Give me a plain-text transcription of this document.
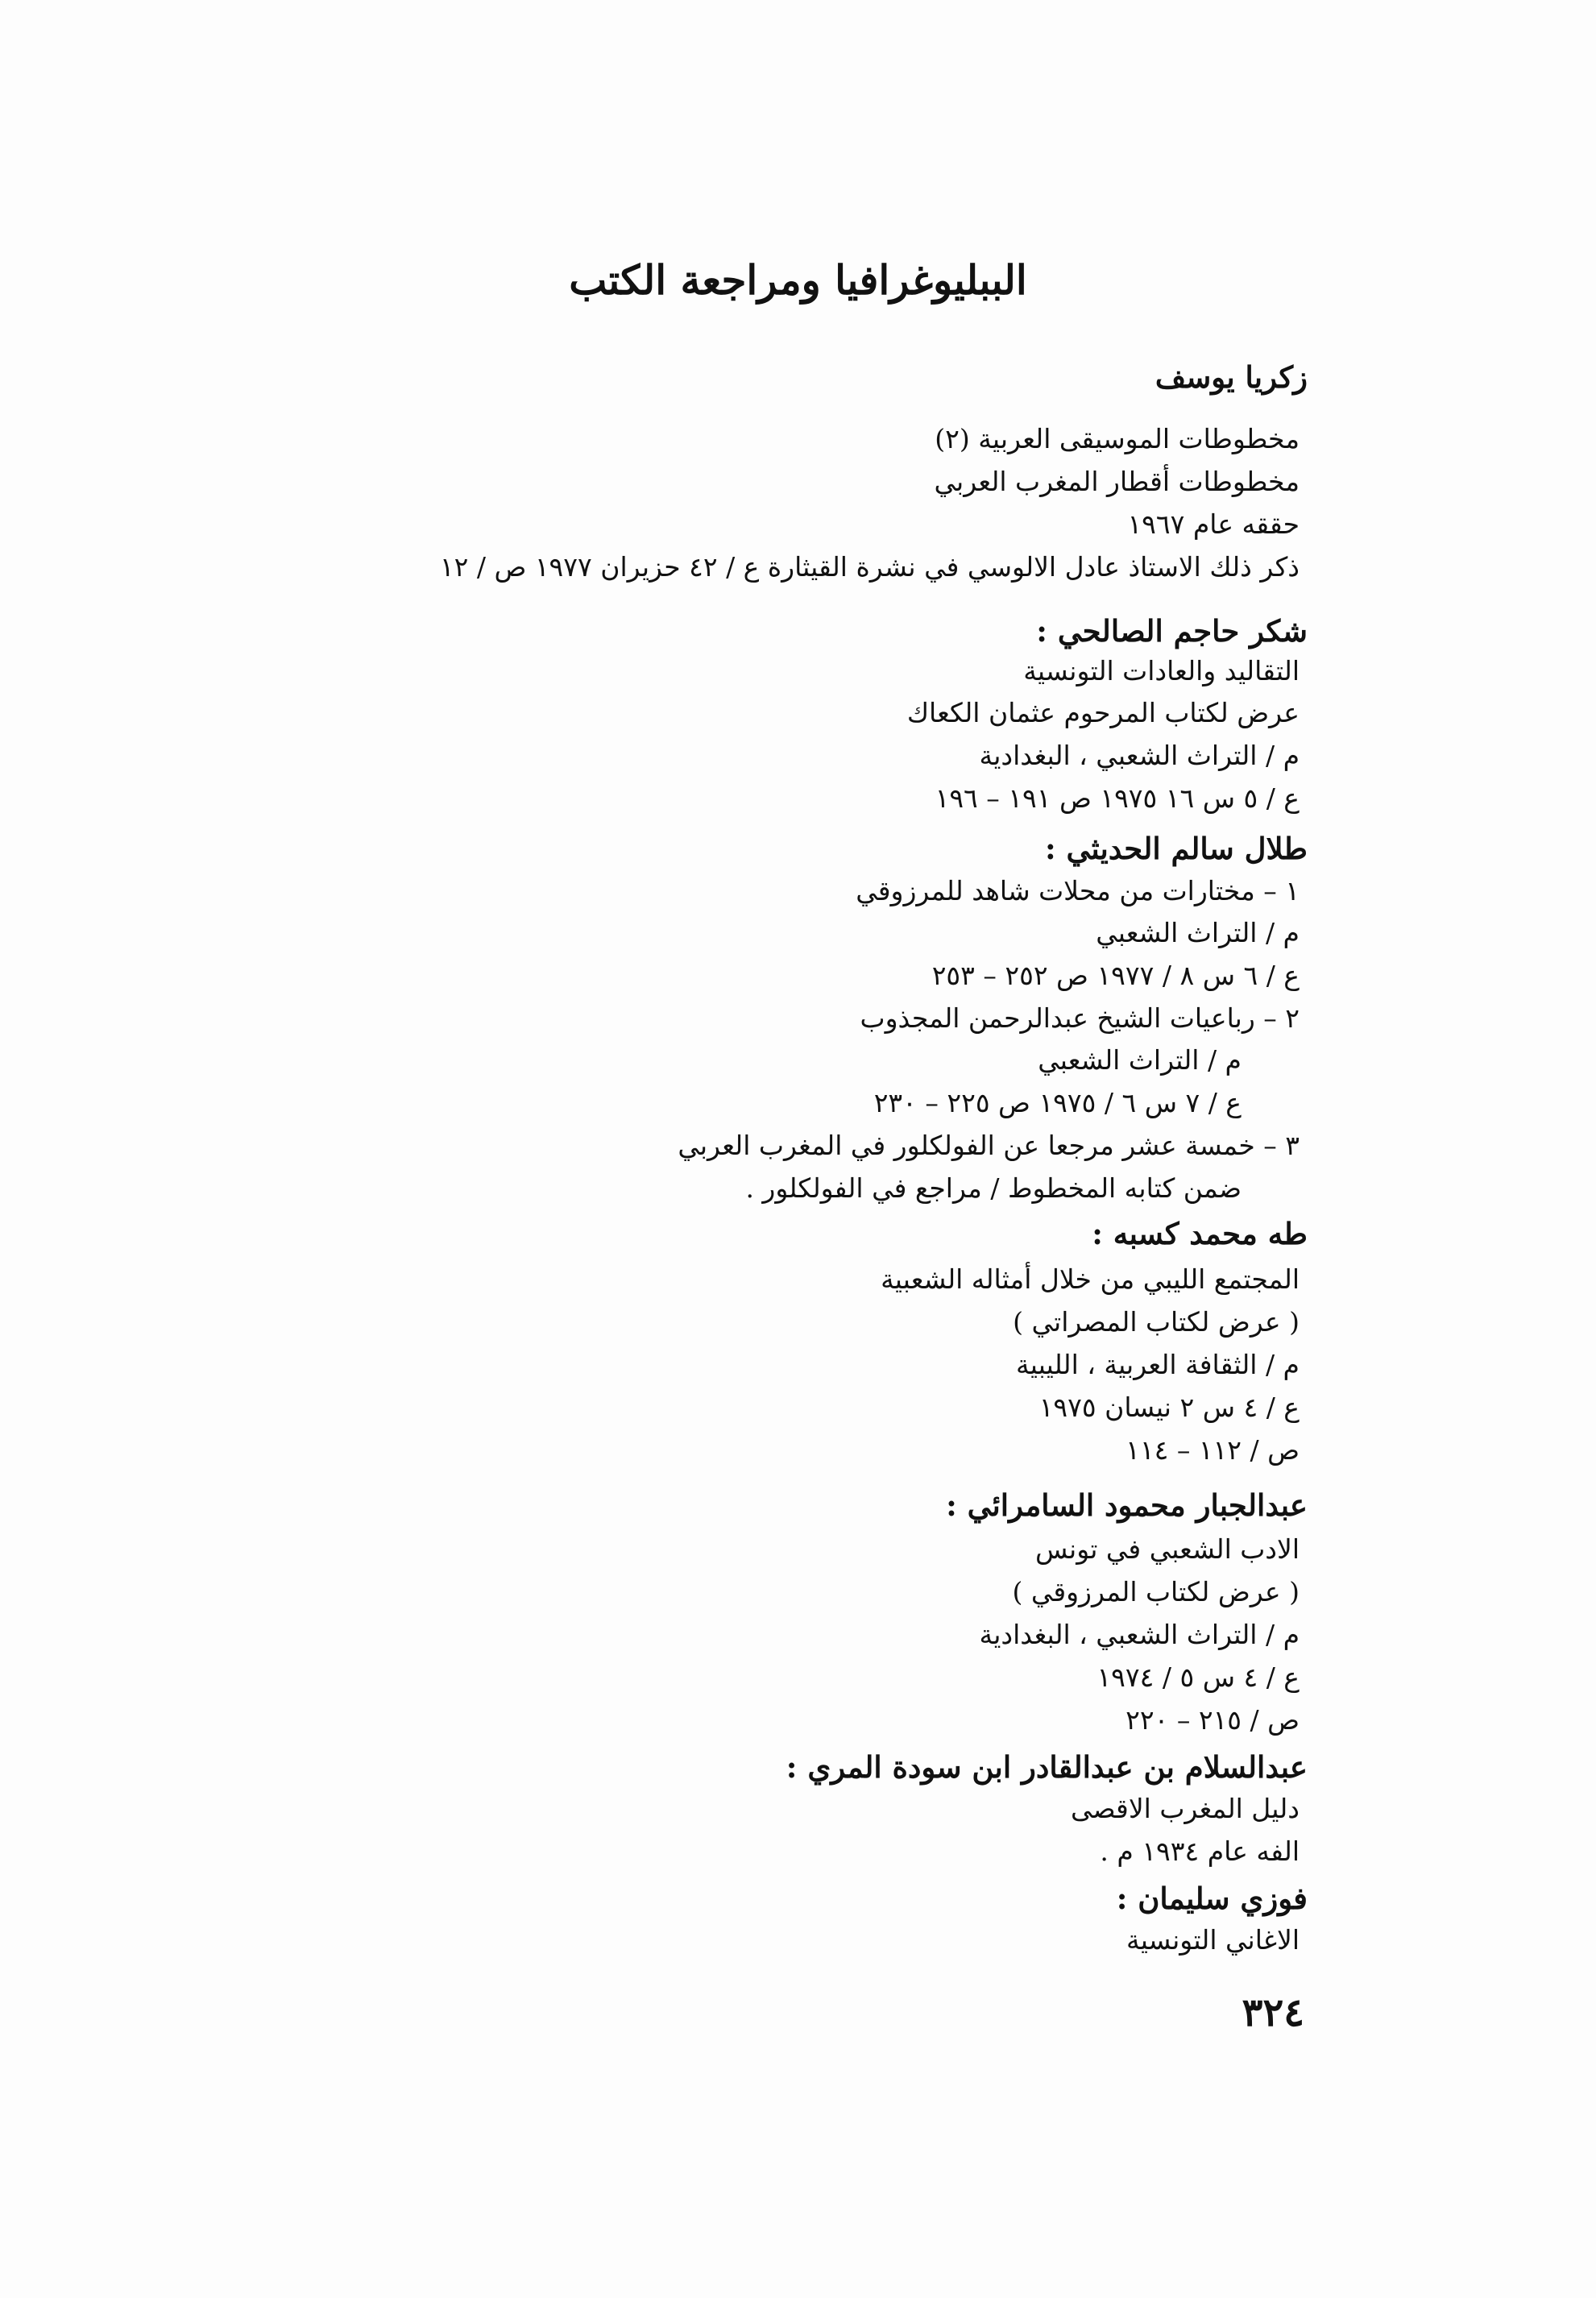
الببليوغرافيا ومراجعة الكتب

زكريا يوسف

مخطوطات الموسيقى العربية (٢)

مخطوطات أقطار المغرب العربي

حققه عام ١٩٦٧

ذكر ذلك الاستاذ عادل الالوسي في نشرة القيثارة ع / ٤٢ حزيران ١٩٧٧ ص / ١٢

شكر حاجم الصالحي :

التقاليد والعادات التونسية

عرض لكتاب المرحوم عثمان الكعاك

م / التراث الشعبي ، البغدادية

ع / ٥ س ١٦ ١٩٧٥ ص ١٩١ – ١٩٦

طلال سالم الحديثي :

١ – مختارات من محلات شاهد للمرزوقي

م / التراث الشعبي

ع / ٦ س ٨ / ١٩٧٧ ص ٢٥٢ – ٢٥٣

٢ – رباعيات الشيخ عبدالرحمن المجذوب

م / التراث الشعبي

ع / ٧ س ٦ / ١٩٧٥ ص ٢٢٥ – ٢٣٠

٣ – خمسة عشر مرجعا عن الفولكلور في المغرب العربي

ضمن كتابه المخطوط / مراجع في الفولكلور .

طه محمد كسبه :

المجتمع الليبي من خلال أمثاله الشعبية

( عرض لكتاب المصراتي )

م / الثقافة العربية ، الليبية

ع / ٤ س ٢ نيسان ١٩٧٥

ص / ١١٢ – ١١٤

عبدالجبار محمود السامرائي :

الادب الشعبي في تونس

( عرض لكتاب المرزوقي )

م / التراث الشعبي ، البغدادية

ع / ٤ س ٥ / ١٩٧٤

ص / ٢١٥ – ٢٢٠

عبدالسلام بن عبدالقادر ابن سودة المري :

دليل المغرب الاقصى

الفه عام ١٩٣٤ م .

فوزي سليمان :

الاغاني التونسية

٣٢٤
